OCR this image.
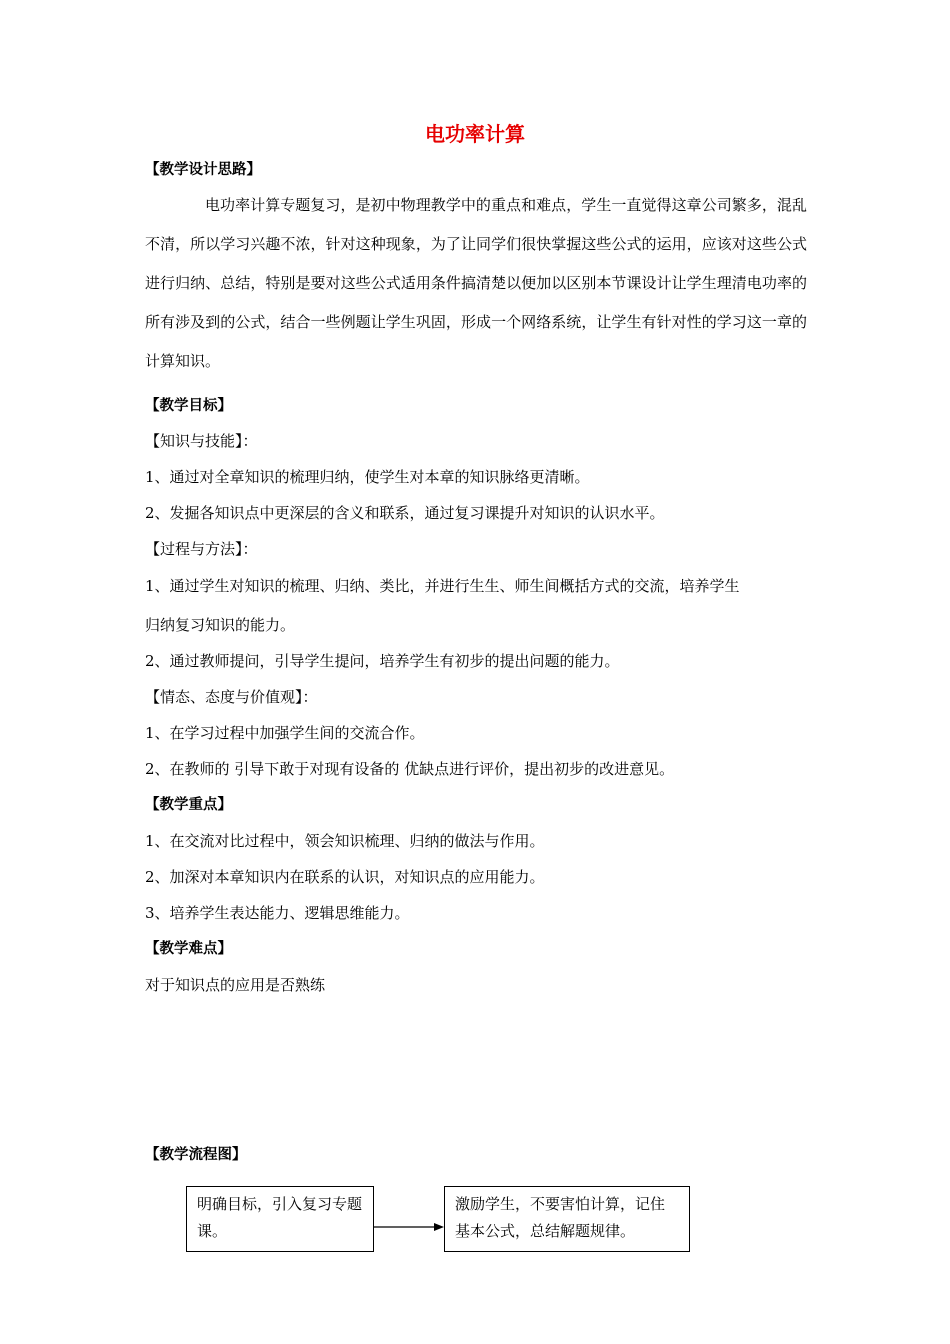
电功率计算
【教学设计思路】
电功率计算专题复习，是初中物理教学中的重点和难点，学生一直觉得这章公司繁多，混乱不清，所以学习兴趣不浓，针对这种现象，为了让同学们很快掌握这些公式的运用，应该对这些公式进行归纳、总结，特别是要对这些公式适用条件搞清楚以便加以区别本节课设计让学生理清电功率的所有涉及到的公式，结合一些例题让学生巩固，形成一个网络系统，让学生有针对性的学习这一章的计算知识。
【教学目标】
【知识与技能】：
1、通过对全章知识的梳理归纳，使学生对本章的知识脉络更清晰。
2、发掘各知识点中更深层的含义和联系，通过复习课提升对知识的认识水平。
【过程与方法】：
1、通过学生对知识的梳理、归纳、类比，并进行生生、师生间概括方式的交流，培养学生
归纳复习知识的能力。
2、通过教师提问，引导学生提问，培养学生有初步的提出问题的能力。
【情态、态度与价值观】：
1、在学习过程中加强学生间的交流合作。
2、在教师的 引导下敢于对现有设备的 优缺点进行评价，提出初步的改进意见。
【教学重点】
1、在交流对比过程中，领会知识梳理、归纳的做法与作用。
2、加深对本章知识内在联系的认识，对知识点的应用能力。
3、培养学生表达能力、逻辑思维能力。
【教学难点】
对于知识点的应用是否熟练
【教学流程图】
明确目标，引入复习专题课。
激励学生，不要害怕计算，记住基本公式，总结解题规律。
